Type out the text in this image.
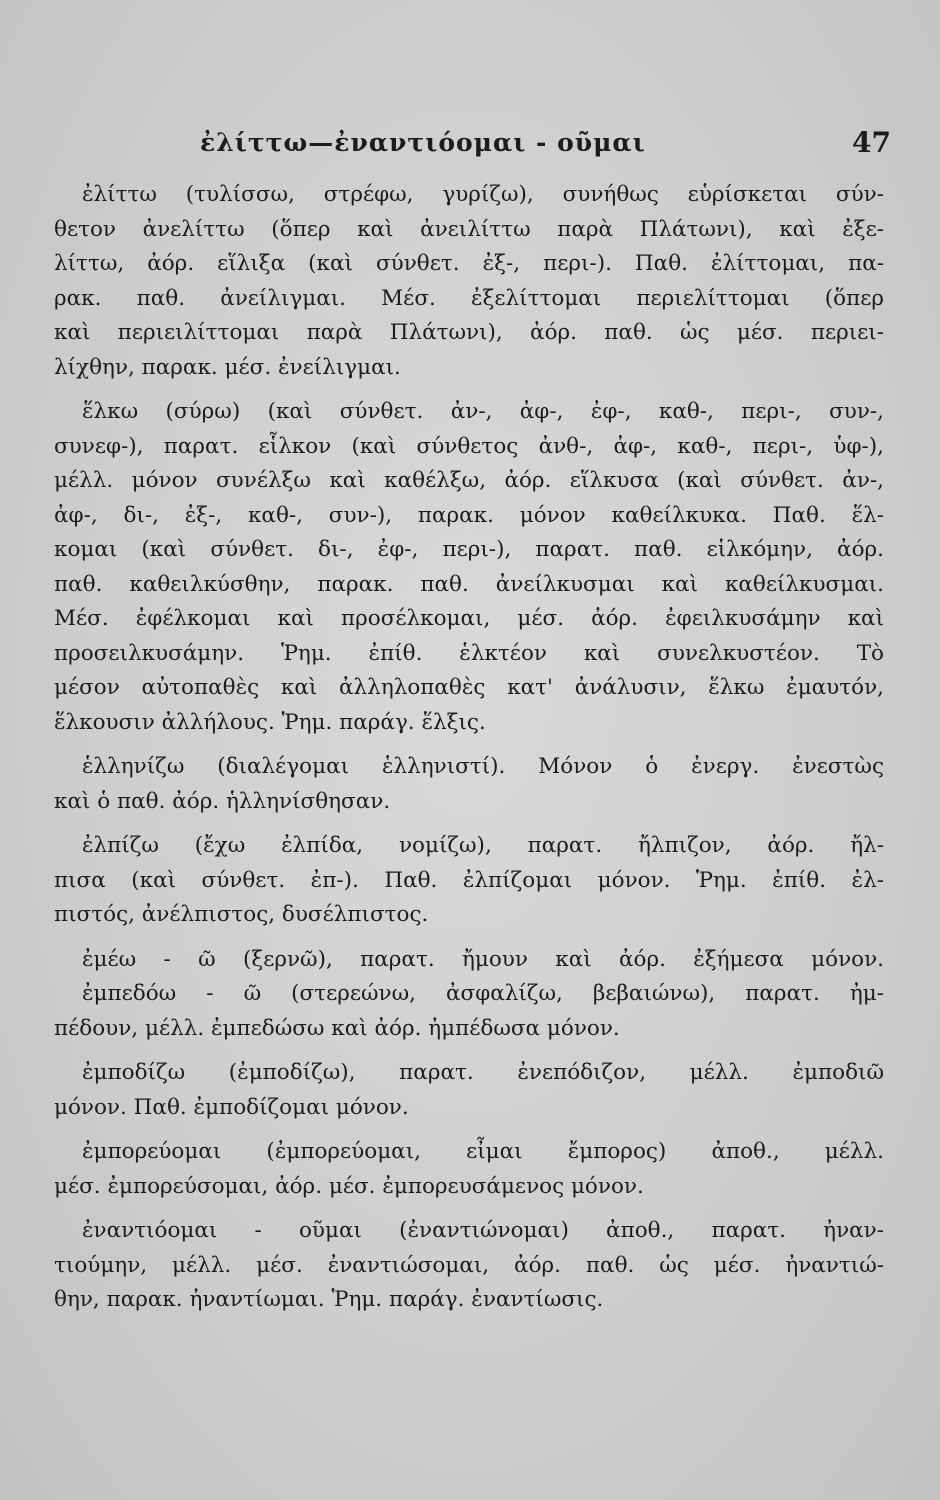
ἐλίττω—ἐναντιόομαι - οῦμαι	47
ἐλίττω (τυλίσσω, στρέφω, γυρίζω), συνήθως εὑρίσκεται σύν-
θετον ἀνελίττω (ὅπερ καὶ ἀνειλίττω παρὰ Πλάτωνι), καὶ ἐξε-
λίττω, ἀόρ. εἵλιξα (καὶ σύνθετ. ἐξ-, περι-). Παθ. ἐλίττομαι, πα-
ρακ. παθ. ἀνείλιγμαι. Μέσ. ἐξελίττομαι περιελίττομαι (ὅπερ
καὶ περιειλίττομαι παρὰ Πλάτωνι), ἀόρ. παθ. ὡς μέσ. περιει-
λίχθην, παρακ. μέσ. ἐνείλιγμαι.
ἕλκω (σύρω) (καὶ σύνθετ. ἀν-, ἀφ-, ἐφ-, καθ-, περι-, συν-,
συνεφ-), παρατ. εἷλκον (καὶ σύνθετος ἀνθ-, ἀφ-, καθ-, περι-, ὑφ-),
μέλλ. μόνον συνέλξω καὶ καθέλξω, ἀόρ. εἵλκυσα (καὶ σύνθετ. ἀν-,
ἀφ-, δι-, ἐξ-, καθ-, συν-), παρακ. μόνον καθείλκυκα. Παθ. ἕλ-
κομαι (καὶ σύνθετ. δι-, ἐφ-, περι-), παρατ. παθ. εἱλκόμην, ἀόρ.
παθ. καθειλκύσθην, παρακ. παθ. ἀνείλκυσμαι καὶ καθείλκυσμαι.
Μέσ. ἐφέλκομαι καὶ προσέλκομαι, μέσ. ἀόρ. ἐφειλκυσάμην καὶ
προσειλκυσάμην. Ῥημ. ἐπίθ. ἑλκτέον καὶ συνελκυστέον. Τὸ
μέσον αὐτοπαθὲς καὶ ἀλληλοπαθὲς κατ' ἀνάλυσιν, ἕλκω ἐμαυτόν,
ἕλκουσιν ἀλλήλους. Ῥημ. παράγ. ἕλξις.
ἑλληνίζω (διαλέγομαι ἑλληνιστί). Μόνον ὁ ἐνεργ. ἐνεστὼς
καὶ ὁ παθ. ἀόρ. ἡλληνίσθησαν.
ἐλπίζω (ἔχω ἐλπίδα, νομίζω), παρατ. ἤλπιζον, ἀόρ. ἤλ-
πισα (καὶ σύνθετ. ἐπ-). Παθ. ἐλπίζομαι μόνον. Ῥημ. ἐπίθ. ἐλ-
πιστός, ἀνέλπιστος, δυσέλπιστος.
ἐμέω - ῶ (ξερνῶ), παρατ. ἤμουν καὶ ἀόρ. ἐξήμεσα μόνον.
ἐμπεδόω - ῶ (στερεώνω, ἀσφαλίζω, βεβαιώνω), παρατ. ἠμ-
πέδουν, μέλλ. ἐμπεδώσω καὶ ἀόρ. ἠμπέδωσα μόνον.
ἐμποδίζω (ἐμποδίζω), παρατ. ἐνεπόδιζον, μέλλ. ἐμποδιῶ
μόνον. Παθ. ἐμποδίζομαι μόνον.
ἐμπορεύομαι (ἐμπορεύομαι, εἶμαι ἔμπορος) ἀποθ., μέλλ.
μέσ. ἐμπορεύσομαι, ἀόρ. μέσ. ἐμπορευσάμενος μόνον.
ἐναντιόομαι - οῦμαι (ἐναντιώνομαι) ἀποθ., παρατ. ἠναν-
τιούμην, μέλλ. μέσ. ἐναντιώσομαι, ἀόρ. παθ. ὡς μέσ. ἠναντιώ-
θην, παρακ. ἠναντίωμαι. Ῥημ. παράγ. ἐναντίωσις.
